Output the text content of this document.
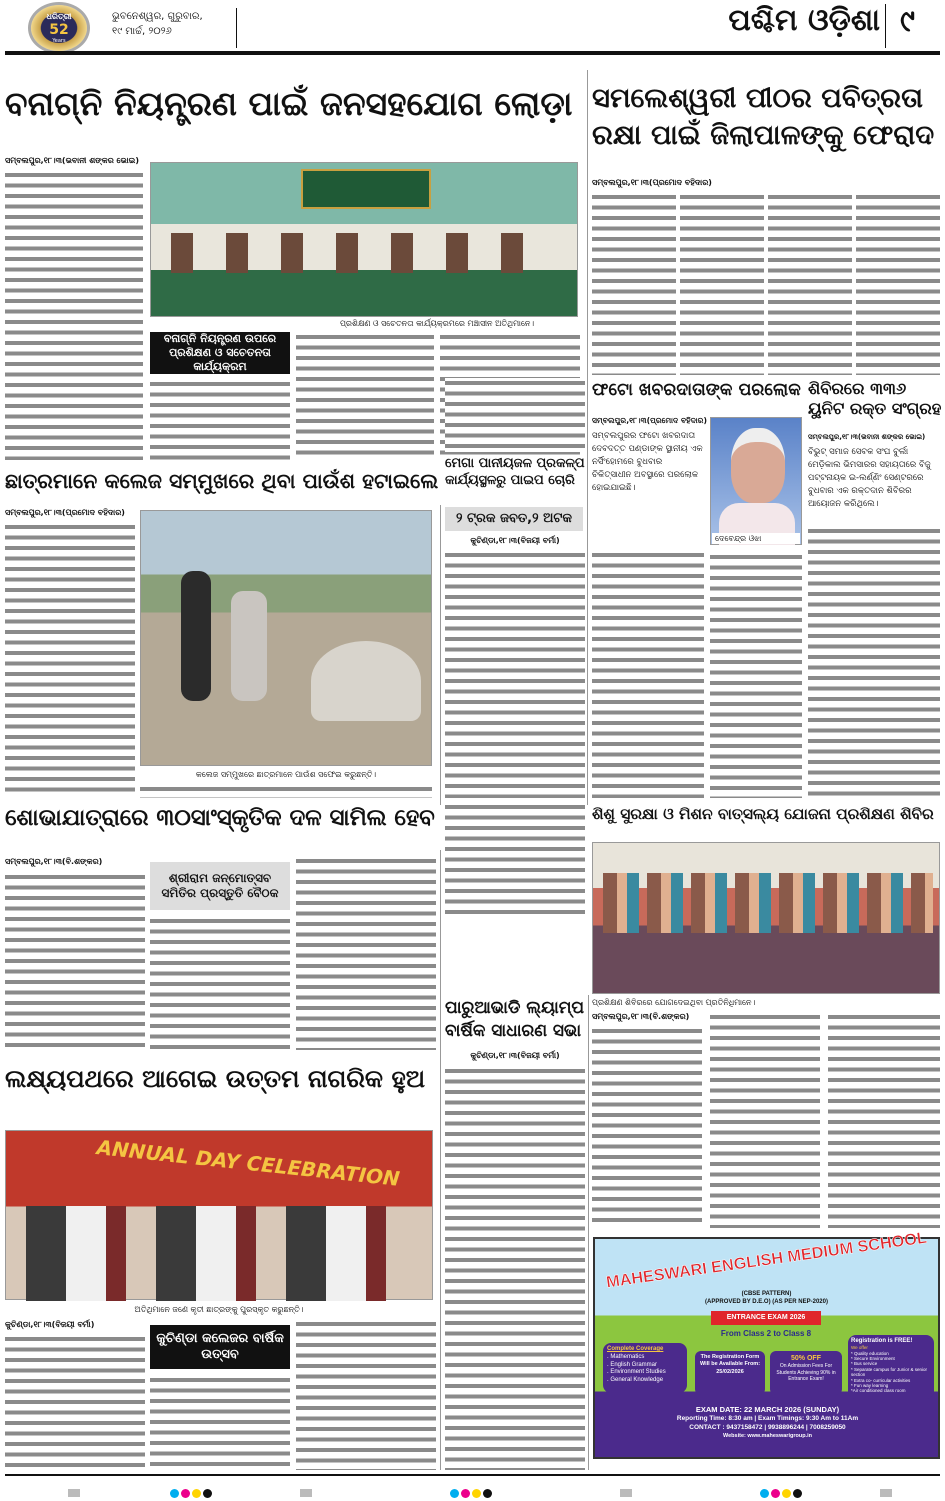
ଧରିତ୍ରୀ
52
Years
ଭୁବନେଶ୍ୱର, ଗୁରୁବାର,
୧୯ ମାର୍ଚ୍ଚ, ୨୦୨୬	ପଶ୍ଚିମ ଓଡ଼ିଶା ୯
ବନାଗ୍ନି ନିୟନ୍ତ୍ରଣ ପାଇଁ ଜନସହଯୋଗ ଲୋଡ଼ା
ସମ୍ବଲପୁର,୧୮।୩(ଭବାନୀ ଶଙ୍କର ଭୋଇ)
ପ୍ରଶିକ୍ଷଣ ଓ ସଚେତନତା କାର୍ଯ୍ୟକ୍ରମରେ ମଞ୍ଚାସୀନ ଅତିଥିମାନେ।
ବନାଗ୍ନି ନିୟନ୍ତ୍ରଣ ଉପରେ ପ୍ରଶିକ୍ଷଣ ଓ ସଚେତନତା କାର୍ଯ୍ୟକ୍ରମ
ସମଲେଶ୍ୱରୀ ପୀଠର ପବିତ୍ରତା
ରକ୍ଷା ପାଇଁ ଜିଲାପାଳଙ୍କୁ ଫେରାଦ
ସମ୍ବଲପୁର,୧୮।୩(ପ୍ରମୋଦ ବହିଦାର)
ଫଟୋ ଖବରଦାତାଙ୍କ ପରଲୋକ
ସମ୍ବଲପୁର,୧୮।୩(ପ୍ରମୋଦ ବହିଦାର)
ସମ୍ବଲପୁରର ଫଟୋ ଖବରଦାତା ଦେବଦତ୍ତ ପଣ୍ଡାଙ୍କ ସ୍ଥାନୀୟ ଏକ ନର୍ସିଂହୋମରେ ବୁଧବାର ଚିକିତ୍ସାଧୀନ ଅବସ୍ଥାରେ ପରଲୋକ ହୋଇଯାଇଛି।
ଦେବେନ୍ଦ୍ର ଓଝା
ଶିବିରରେ ୩୩୬
ୟୁନିଟ ରକ୍ତ ସଂଗ୍ରହ
ସମ୍ବଲପୁର,୧୮।୩(ଭବାନୀ ଶଙ୍କର ଭୋଇ)
ବିଭୁଟ୍ ସମାଜ ସେବକ ସଂଘ ବୁର୍ଲା ମେଡ଼ିକାଲ ଭିମସାରର ସହାୟତାରେ ବିଜୁ ପଟ୍ଟନାୟକ ଇ-ଲର୍ଣ୍ଣିଂ ସେଣ୍ଟରରେ ବୁଧବାର ଏକ ରକ୍ତଦାନ ଶିବିରର ଆୟୋଜନ କରିଥିଲେ।
ଛାତ୍ରମାନେ କଲେଜ ସମ୍ମୁଖରେ ଥିବା ପାଉଁଶ ହଟାଇଲେ
ସମ୍ବଲପୁର,୧୮।୩(ପ୍ରମୋଦ ବହିଦାର)
କଲେଜ ସମ୍ମୁଖରେ ଛାତ୍ରମାନେ ପାଉଁଶ ସଫେଇ କରୁଛନ୍ତି।
ମେଗା ପାନୀୟଜଳ ପ୍ରକଳ୍ପ
କାର୍ଯ୍ୟସ୍ଥଳରୁ ପାଇପ ଚୋରି
୨ ଟ୍ରକ ଜବତ,୨ ଅଟକ
କୁଚିଣ୍ଡା,୧୮।୩(ବିଜୟୀ ବର୍ମା)
ଶୋଭାଯାତ୍ରାରେ ୩୦ସାଂସ୍କୃତିକ ଦଳ ସାମିଲ ହେବ
ସମ୍ବଲପୁର,୧୮।୩(ବି.ଶଙ୍କର)
ଶ୍ରୀରାମ ଜନ୍ମୋତ୍ସବ ସମିତିର ପ୍ରସ୍ତୁତି ବୈଠକ
ଶିଶୁ ସୁରକ୍ଷା ଓ ମିଶନ ବାତ୍ସଲ୍ୟ ଯୋଜନା ପ୍ରଶିକ୍ଷଣ ଶିବିର
ପ୍ରଶିକ୍ଷଣ ଶିବିରରେ ଯୋଗଦେଇଥିବା ପ୍ରତିନିଧିମାନେ।
ସମ୍ବଲପୁର,୧୮।୩(ବି.ଶଙ୍କର)
ପାରୁଆଭାଡି ଲ୍ୟାମ୍ପ
ବାର୍ଷିକ ସାଧାରଣ ସଭା
କୁଚିଣ୍ଡା,୧୮।୩(ବିଜୟୀ ବର୍ମା)
ଲକ୍ଷ୍ୟପଥରେ ଆଗେଇ ଉତ୍ତମ ନାଗରିକ ହୁଅ
ANNUAL DAY CELEBRATION
ଅତିଥିମାନେ ଜଣେ କୃତୀ ଛାତ୍ରଙ୍କୁ ପୁରସ୍କୃତ କରୁଛନ୍ତି।
କୁଚିଣ୍ଡା,୧୮।୩(ବିଜୟୀ ବର୍ମା)
କୁଚିଣ୍ଡା କଲେଜର ବାର୍ଷିକ ଉତ୍ସବ
MAHESWARI ENGLISH MEDIUM SCHOOL
(CBSE PATTERN)
(APPROVED BY D.E.O) (AS PER NEP-2020)
ENTRANCE EXAM 2026
From Class 2 to Class 8
Complete Coverage
. Mathematics
. English Grammar
. Environment Studies
. General Knowledge
The Registration Form Will be Available From: 25/02/2026
50% OFF
On Admission Fees For Students Achieving 90% in Entrance Exam!
Registration is FREE!
We offer
* Quality education
* Secure Environment
* Bus service
* Separate campus for Junior & senior section
* Extra co- curricular activities
* Fun way learning
*Air conditioned class room
EXAM DATE: 22 MARCH 2026 (SUNDAY)
Reporting Time: 8:30 am | Exam Timings: 9:30 Am to 11Am
CONTACT : 9437158472 | 9938896244 | 7008259050
Website: www.maheswarigroup.in
